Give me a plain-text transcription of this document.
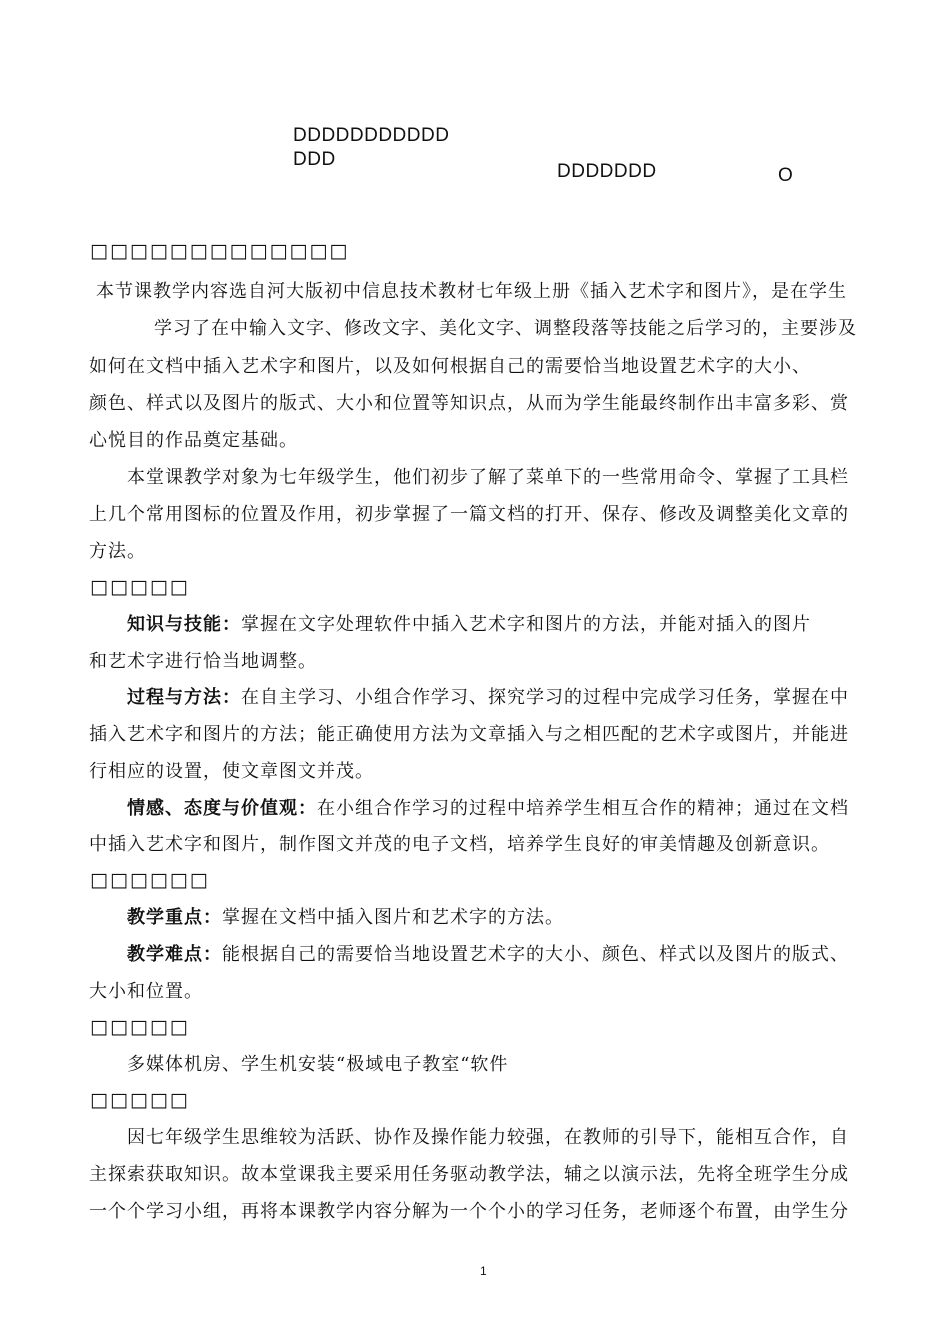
DDDDDDDDDDD
DDD
DDDDDDD	O
□□□□□□□□□□□□□
本节课教学内容选自河大版初中信息技术教材七年级上册《插入艺术字和图片》，是在学生
学习了在中输入文字、修改文字、美化文字、调整段落等技能之后学习的，主要涉及
如何在文档中插入艺术字和图片，以及如何根据自己的需要恰当地设置艺术字的大小、
颜色、样式以及图片的版式、大小和位置等知识点，从而为学生能最终制作出丰富多彩、赏
心悦目的作品奠定基础。
本堂课教学对象为七年级学生，他们初步了解了菜单下的一些常用命令、掌握了工具栏
上几个常用图标的位置及作用，初步掌握了一篇文档的打开、保存、修改及调整美化文章的
方法。
□□□□□
知识与技能：掌握在文字处理软件中插入艺术字和图片的方法，并能对插入的图片
和艺术字进行恰当地调整。
过程与方法：在自主学习、小组合作学习、探究学习的过程中完成学习任务，掌握在中
插入艺术字和图片的方法；能正确使用方法为文章插入与之相匹配的艺术字或图片，并能进
行相应的设置，使文章图文并茂。
情感、态度与价值观：在小组合作学习的过程中培养学生相互合作的精神；通过在文档
中插入艺术字和图片，制作图文并茂的电子文档，培养学生良好的审美情趣及创新意识。
□□□□□□
教学重点：掌握在文档中插入图片和艺术字的方法。
教学难点：能根据自己的需要恰当地设置艺术字的大小、颜色、样式以及图片的版式、
大小和位置。
□□□□□
多媒体机房、学生机安装“极域电子教室“软件
□□□□□
因七年级学生思维较为活跃、协作及操作能力较强，在教师的引导下，能相互合作，自
主探索获取知识。故本堂课我主要采用任务驱动教学法，辅之以演示法，先将全班学生分成
一个个学习小组，再将本课教学内容分解为一个个小的学习任务，老师逐个布置，由学生分
1
